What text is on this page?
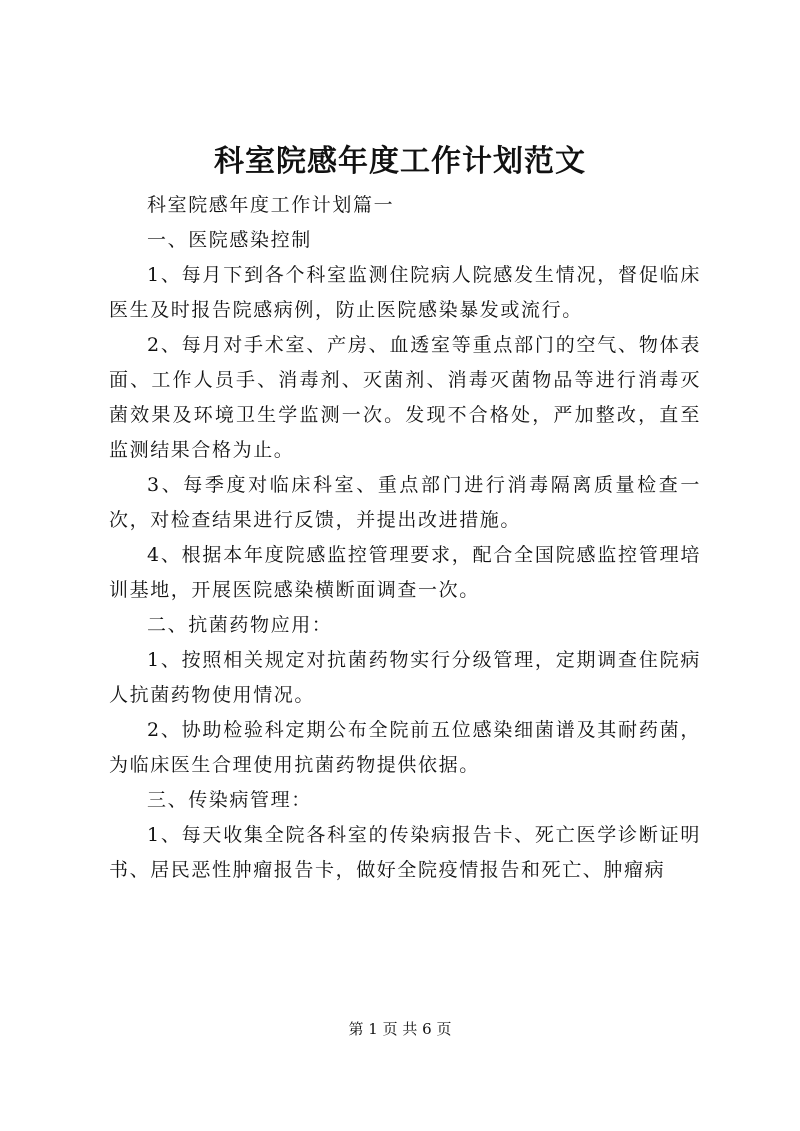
科室院感年度工作计划范文

科室院感年度工作计划篇一

一、医院感染控制

1、每月下到各个科室监测住院病人院感发生情况，督促临床医生及时报告院感病例，防止医院感染暴发或流行。

2、每月对手术室、产房、血透室等重点部门的空气、物体表面、工作人员手、消毒剂、灭菌剂、消毒灭菌物品等进行消毒灭菌效果及环境卫生学监测一次。发现不合格处，严加整改，直至监测结果合格为止。

3、每季度对临床科室、重点部门进行消毒隔离质量检查一次，对检查结果进行反馈，并提出改进措施。

4、根据本年度院感监控管理要求，配合全国院感监控管理培训基地，开展医院感染横断面调查一次。

二、抗菌药物应用：

1、按照相关规定对抗菌药物实行分级管理，定期调查住院病人抗菌药物使用情况。

2、协助检验科定期公布全院前五位感染细菌谱及其耐药菌，为临床医生合理使用抗菌药物提供依据。

三、传染病管理：

1、每天收集全院各科室的传染病报告卡、死亡医学诊断证明书、居民恶性肿瘤报告卡，做好全院疫情报告和死亡、肿瘤病

第 1 页 共 6 页
